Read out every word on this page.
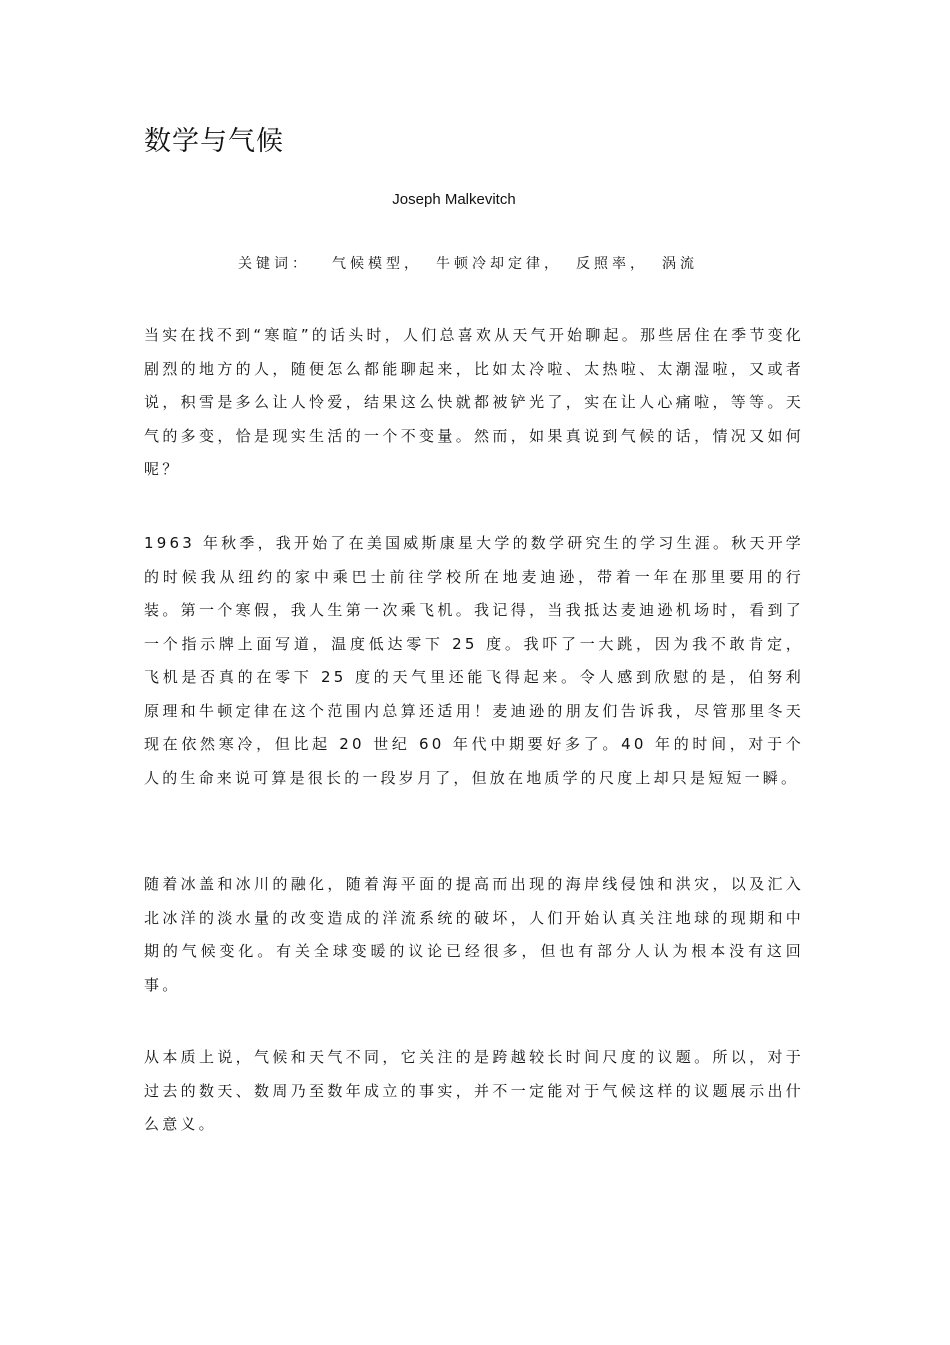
数学与气候
Joseph Malkevitch
关键词： 气候模型， 牛顿冷却定律， 反照率， 涡流

当实在找不到“寒暄”的话头时，人们总喜欢从天气开始聊起。那些居住在季节变化剧烈的地方的人，随便怎么都能聊起来，比如太冷啦、太热啦、太潮湿啦，又或者说，积雪是多么让人怜爱，结果这么快就都被铲光了，实在让人心痛啦，等等。天气的多变，恰是现实生活的一个不变量。然而，如果真说到气候的话，情况又如何呢？

1963 年秋季，我开始了在美国威斯康星大学的数学研究生的学习生涯。秋天开学的时候我从纽约的家中乘巴士前往学校所在地麦迪逊，带着一年在那里要用的行装。第一个寒假，我人生第一次乘飞机。我记得，当我抵达麦迪逊机场时，看到了一个指示牌上面写道，温度低达零下 25 度。我吓了一大跳，因为我不敢肯定，飞机是否真的在零下 25 度的天气里还能飞得起来。令人感到欣慰的是，伯努利原理和牛顿定律在这个范围内总算还适用！麦迪逊的朋友们告诉我，尽管那里冬天现在依然寒冷，但比起 20 世纪 60 年代中期要好多了。40 年的时间，对于个人的生命来说可算是很长的一段岁月了，但放在地质学的尺度上却只是短短一瞬。

随着冰盖和冰川的融化，随着海平面的提高而出现的海岸线侵蚀和洪灾，以及汇入北冰洋的淡水量的改变造成的洋流系统的破坏，人们开始认真关注地球的现期和中期的气候变化。有关全球变暖的议论已经很多，但也有部分人认为根本没有这回事。

从本质上说，气候和天气不同，它关注的是跨越较长时间尺度的议题。所以，对于过去的数天、数周乃至数年成立的事实，并不一定能对于气候这样的议题展示出什么意义。
